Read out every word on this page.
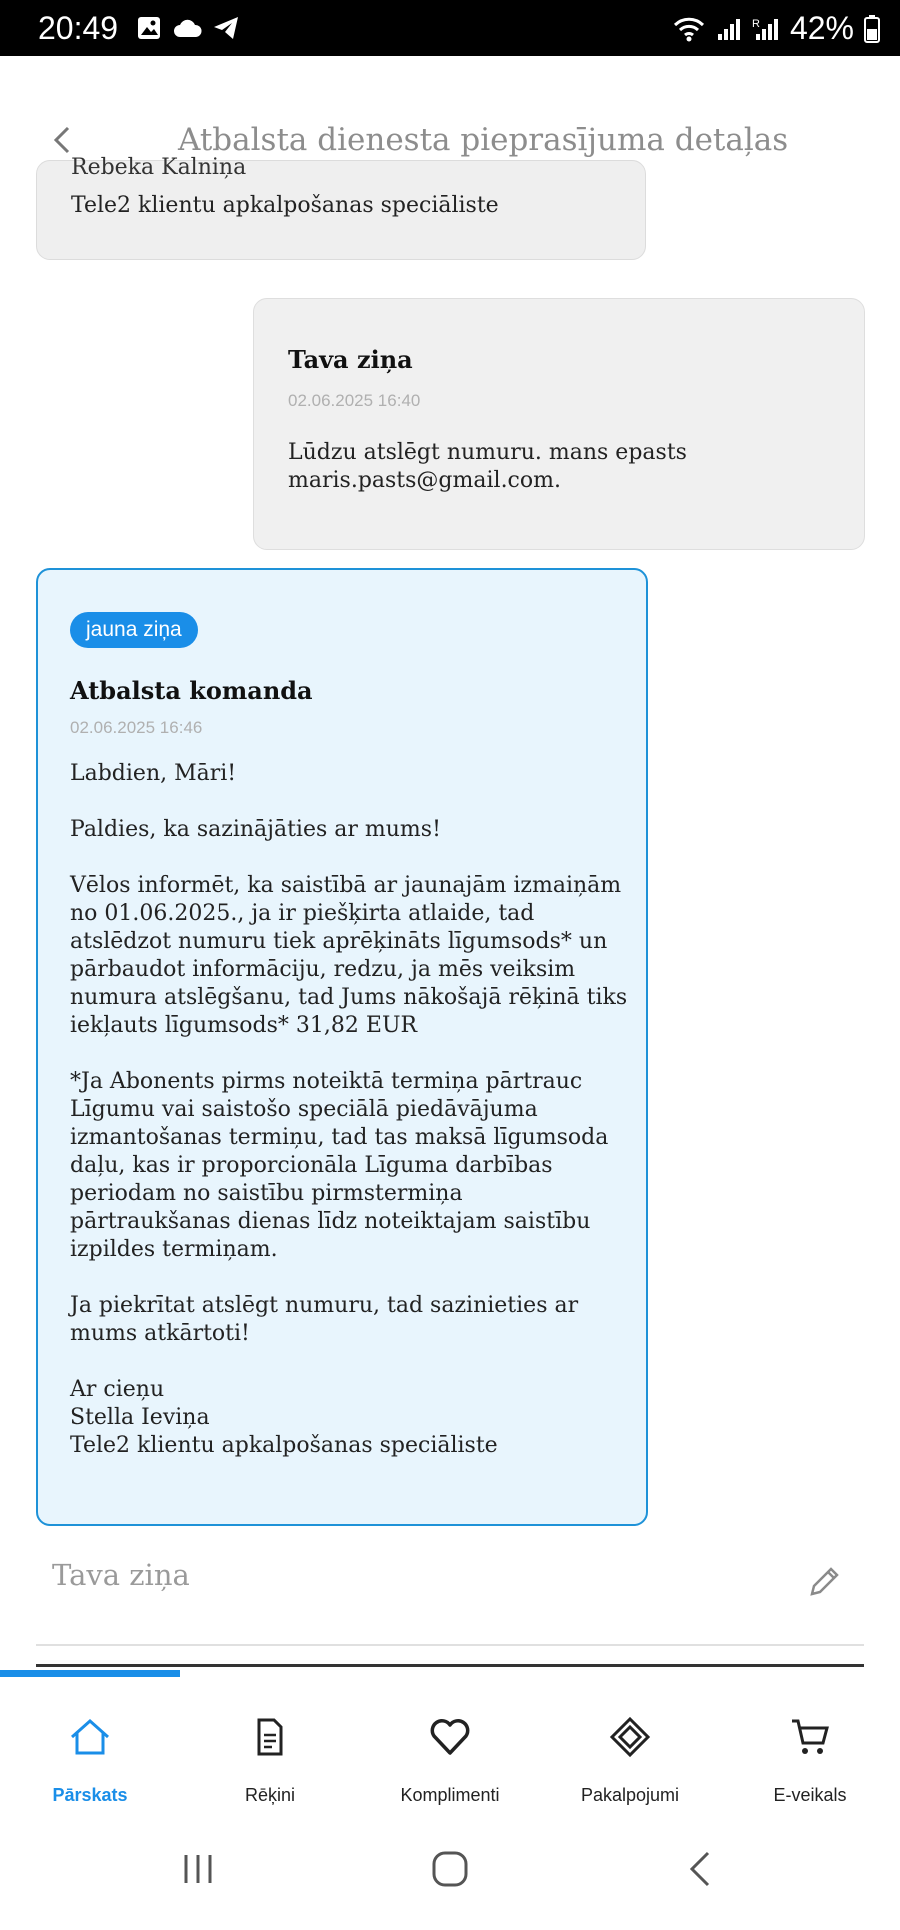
20:49	R 42%
Atbalsta dienesta pieprasījuma detaļas
Rebeka Kalniņa
Tele2 klientu apkalpošanas speciāliste
Tava ziņa
02.06.2025 16:40
Lūdzu atslēgt numuru. mans epasts
maris.pasts@gmail.com.
jauna ziņa
Atbalsta komanda
02.06.2025 16:46
Labdien, Māri!

Paldies, ka sazinājāties ar mums!

Vēlos informēt, ka saistībā ar jaunajām izmaiņām
no 01.06.2025., ja ir piešķirta atlaide, tad
atslēdzot numuru tiek aprēķināts līgumsods* un
pārbaudot informāciju, redzu, ja mēs veiksim
numura atslēgšanu, tad Jums nākošajā rēķinā tiks
iekļauts līgumsods* 31,82 EUR

*Ja Abonents pirms noteiktā termiņa pārtrauc
Līgumu vai saistošo speciālā piedāvājuma
izmantošanas termiņu, tad tas maksā līgumsoda
daļu, kas ir proporcionāla Līguma darbības
periodam no saistību pirmstermiņa
pārtraukšanas dienas līdz noteiktajam saistību
izpildes termiņam.

Ja piekrītat atslēgt numuru, tad sazinieties ar
mums atkārtoti!

Ar cieņu
Stella Ieviņa
Tele2 klientu apkalpošanas speciāliste
Tava ziņa
Pārskats	Rēķini	Komplimenti	Pakalpojumi	E-veikals
